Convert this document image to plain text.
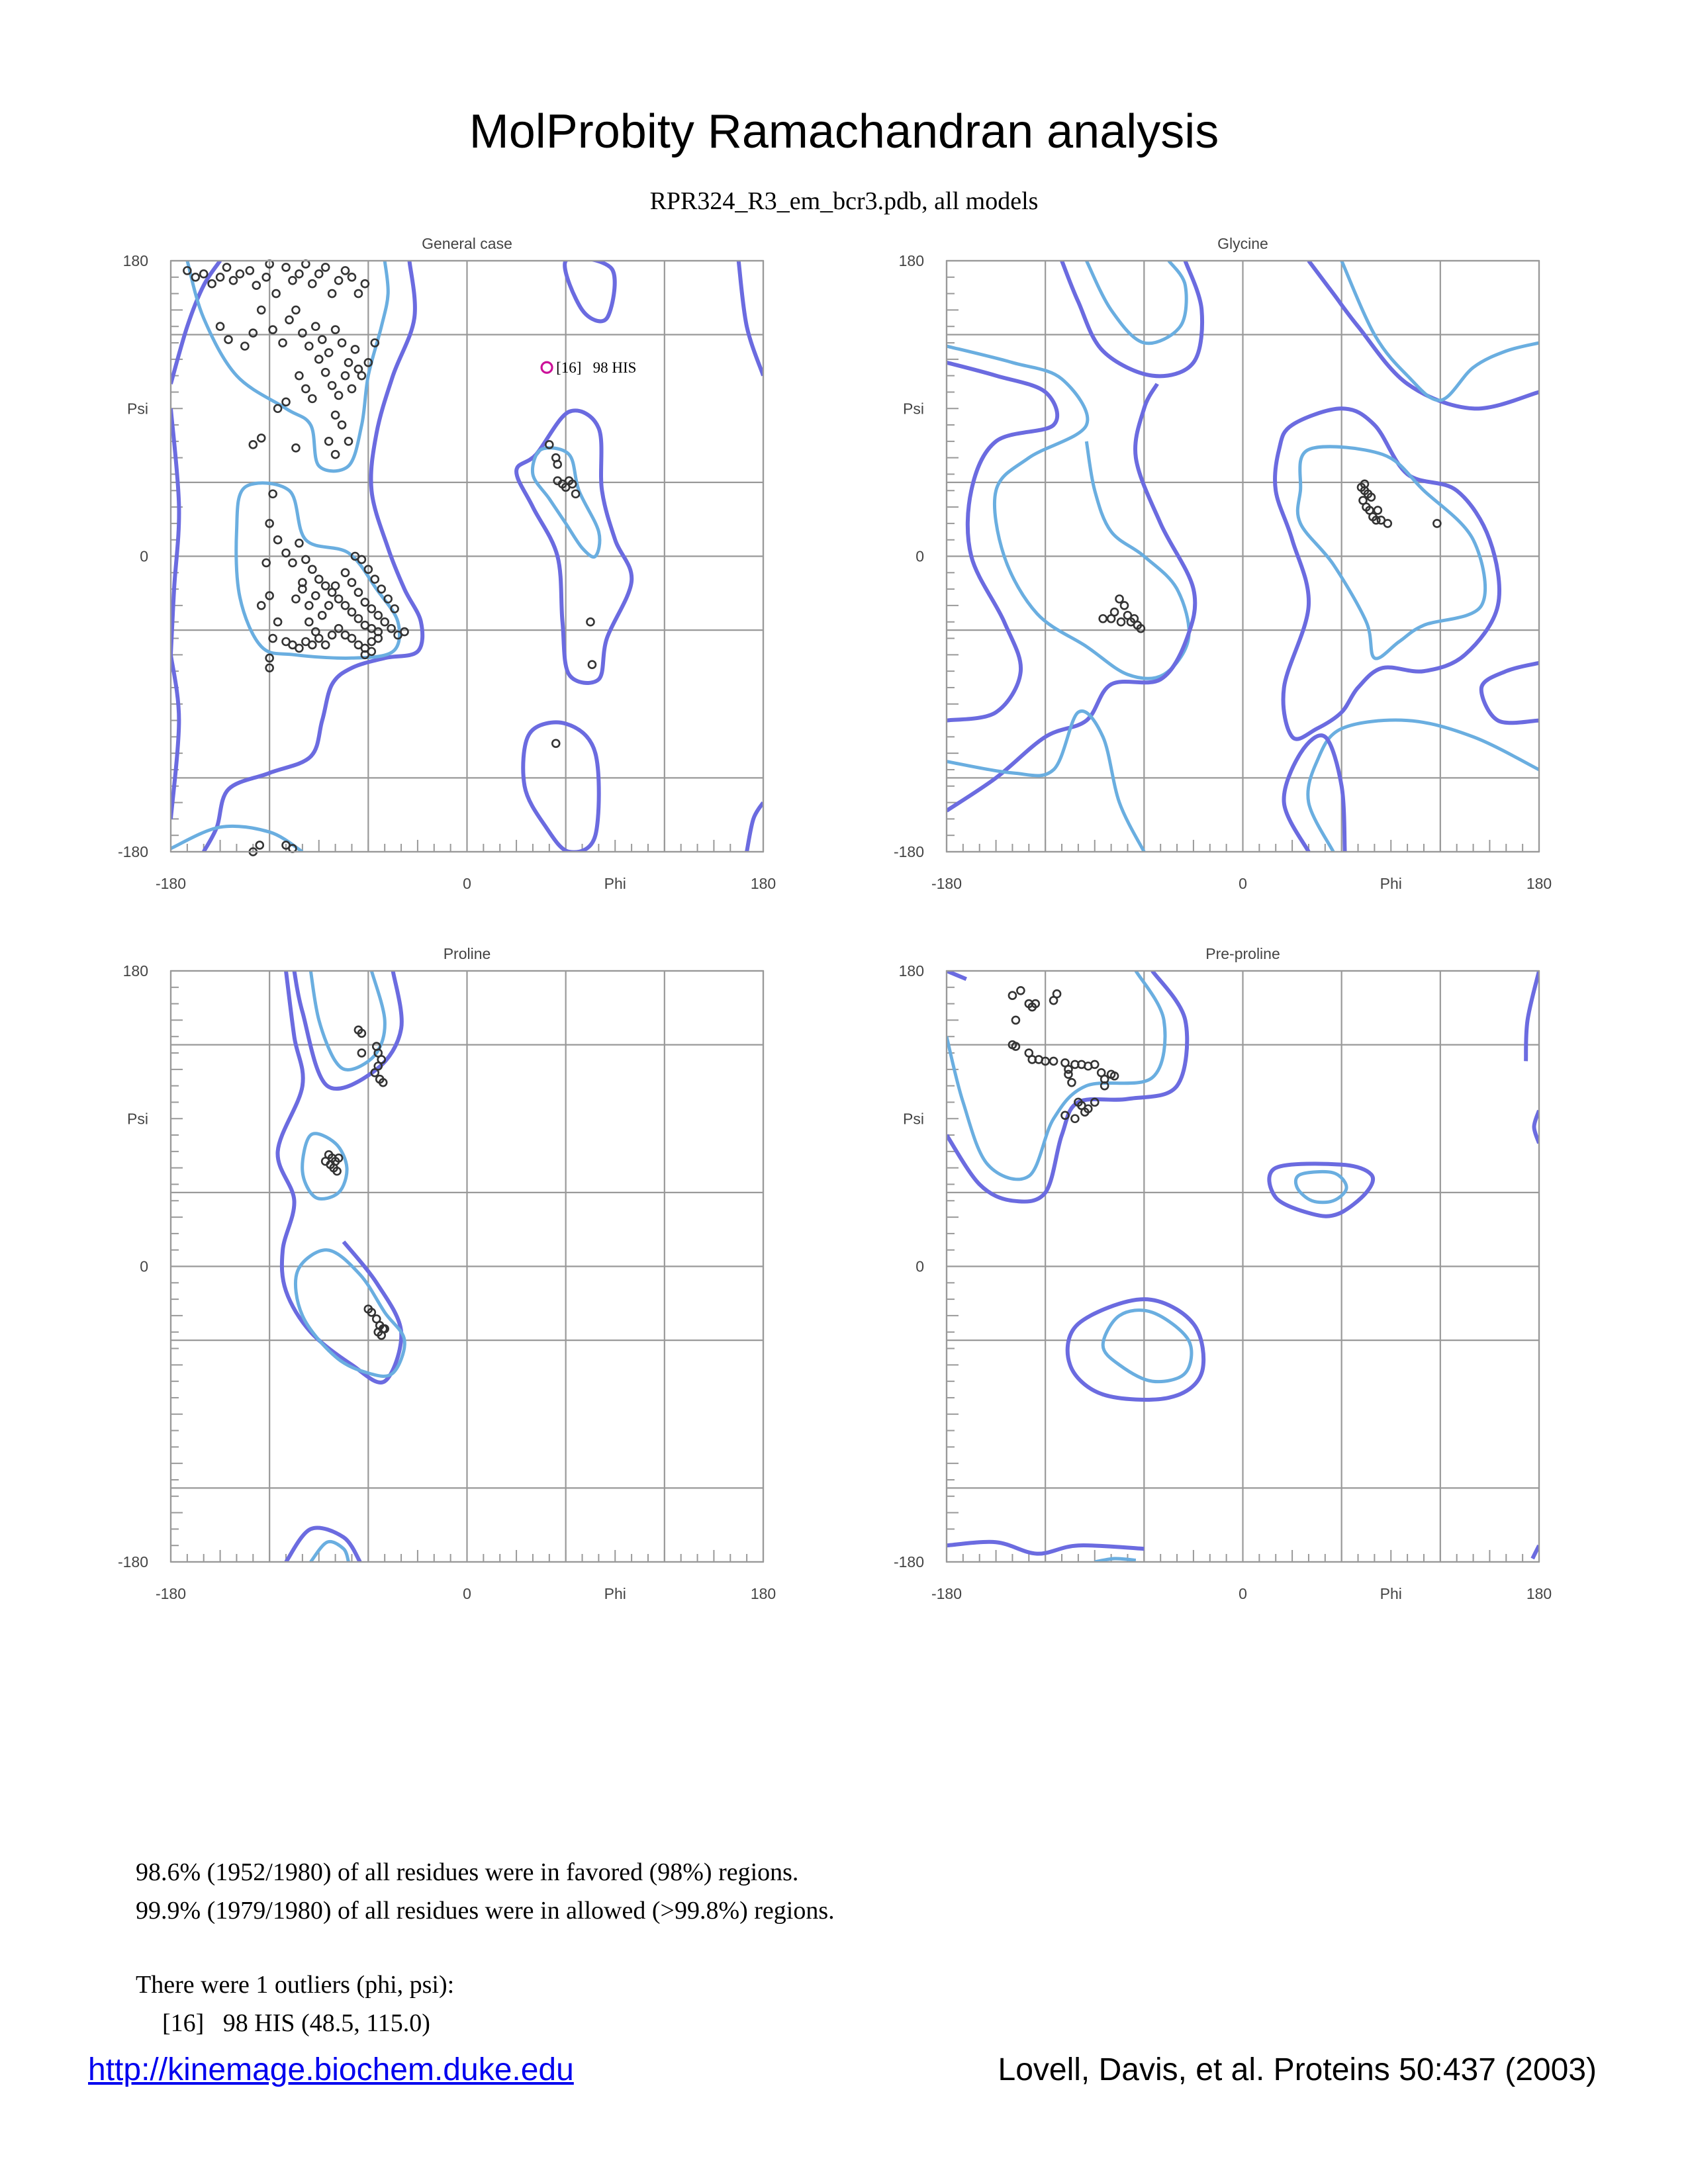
MolProbity Ramachandran analysis
RPR324_R3_em_bcr3.pdb, all models
General case
-180	0	180
Phi
180
0
-180
Psi
[16]   98 HIS
Glycine
-180	0	180
Phi
180
0
-180
Psi
Proline
-180	0	180
Phi
180
0
-180
Psi
Pre-proline
-180	0	180
Phi
180
0
-180
Psi
98.6% (1952/1980) of all residues were in favored (98%) regions.
99.9% (1979/1980) of all residues were in allowed (>99.8%) regions.
There were 1 outliers (phi, psi):
[16]   98 HIS (48.5, 115.0)
http://kinemage.biochem.duke.edu	Lovell, Davis, et al. Proteins 50:437 (2003)
